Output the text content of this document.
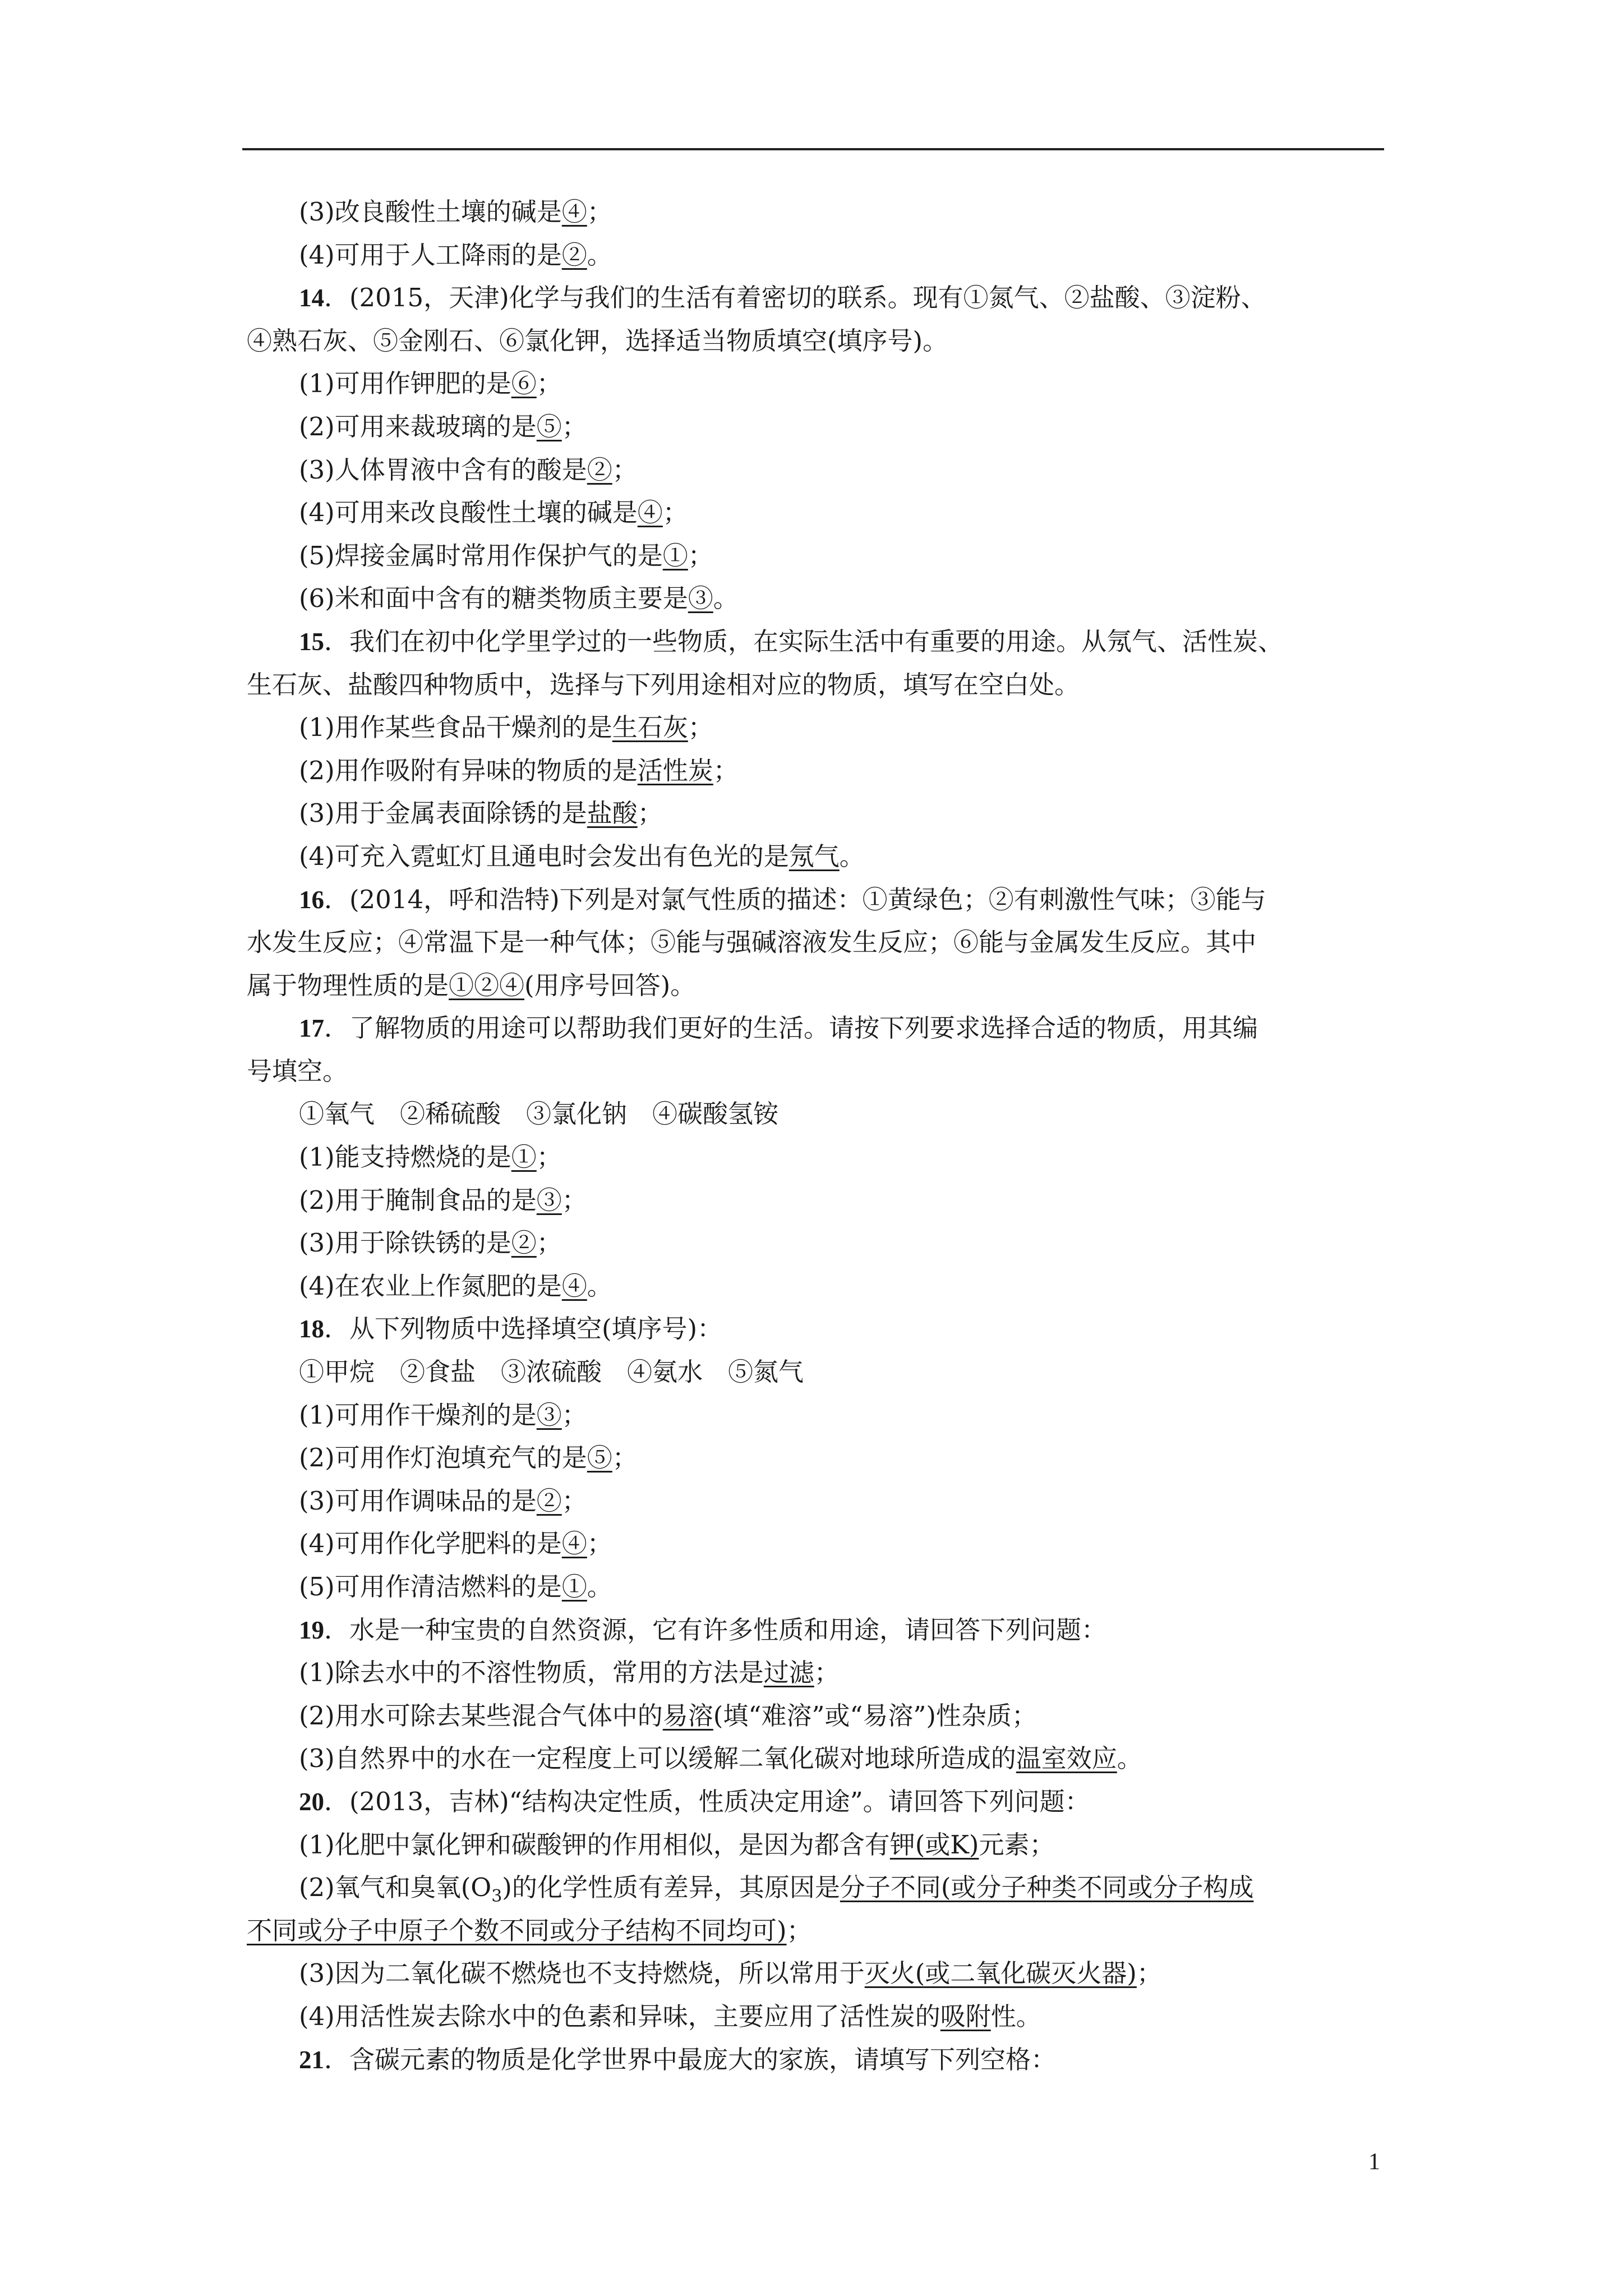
(3)改良酸性土壤的碱是④；
(4)可用于人工降雨的是②。
14．(2015，天津)化学与我们的生活有着密切的联系。现有①氮气、②盐酸、③淀粉、
④熟石灰、⑤金刚石、⑥氯化钾，选择适当物质填空(填序号)。
(1)可用作钾肥的是⑥；
(2)可用来裁玻璃的是⑤；
(3)人体胃液中含有的酸是②；
(4)可用来改良酸性土壤的碱是④；
(5)焊接金属时常用作保护气的是①；
(6)米和面中含有的糖类物质主要是③。
15．我们在初中化学里学过的一些物质，在实际生活中有重要的用途。从氖气、活性炭、
生石灰、盐酸四种物质中，选择与下列用途相对应的物质，填写在空白处。
(1)用作某些食品干燥剂的是生石灰；
(2)用作吸附有异味的物质的是活性炭；
(3)用于金属表面除锈的是盐酸；
(4)可充入霓虹灯且通电时会发出有色光的是氖气。
16．(2014，呼和浩特)下列是对氯气性质的描述：①黄绿色；②有刺激性气味；③能与
水发生反应；④常温下是一种气体；⑤能与强碱溶液发生反应；⑥能与金属发生反应。其中
属于物理性质的是①②④(用序号回答)。
17．了解物质的用途可以帮助我们更好的生活。请按下列要求选择合适的物质，用其编
号填空。
①氧气　②稀硫酸　③氯化钠　④碳酸氢铵
(1)能支持燃烧的是①；
(2)用于腌制食品的是③；
(3)用于除铁锈的是②；
(4)在农业上作氮肥的是④。
18．从下列物质中选择填空(填序号)：
①甲烷　②食盐　③浓硫酸　④氨水　⑤氮气
(1)可用作干燥剂的是③；
(2)可用作灯泡填充气的是⑤；
(3)可用作调味品的是②；
(4)可用作化学肥料的是④；
(5)可用作清洁燃料的是①。
19．水是一种宝贵的自然资源，它有许多性质和用途，请回答下列问题：
(1)除去水中的不溶性物质，常用的方法是过滤；
(2)用水可除去某些混合气体中的易溶(填“难溶”或“易溶”)性杂质；
(3)自然界中的水在一定程度上可以缓解二氧化碳对地球所造成的温室效应。
20．(2013，吉林)“结构决定性质，性质决定用途”。请回答下列问题：
(1)化肥中氯化钾和碳酸钾的作用相似，是因为都含有钾(或K)元素；
(2)氧气和臭氧$(O_3)$的化学性质有差异，其原因是分子不同(或分子种类不同或分子构成
不同或分子中原子个数不同或分子结构不同均可)；
(3)因为二氧化碳不燃烧也不支持燃烧，所以常用于灭火(或二氧化碳灭火器)；
(4)用活性炭去除水中的色素和异味，主要应用了活性炭的吸附性。
21．含碳元素的物质是化学世界中最庞大的家族，请填写下列空格：
1
